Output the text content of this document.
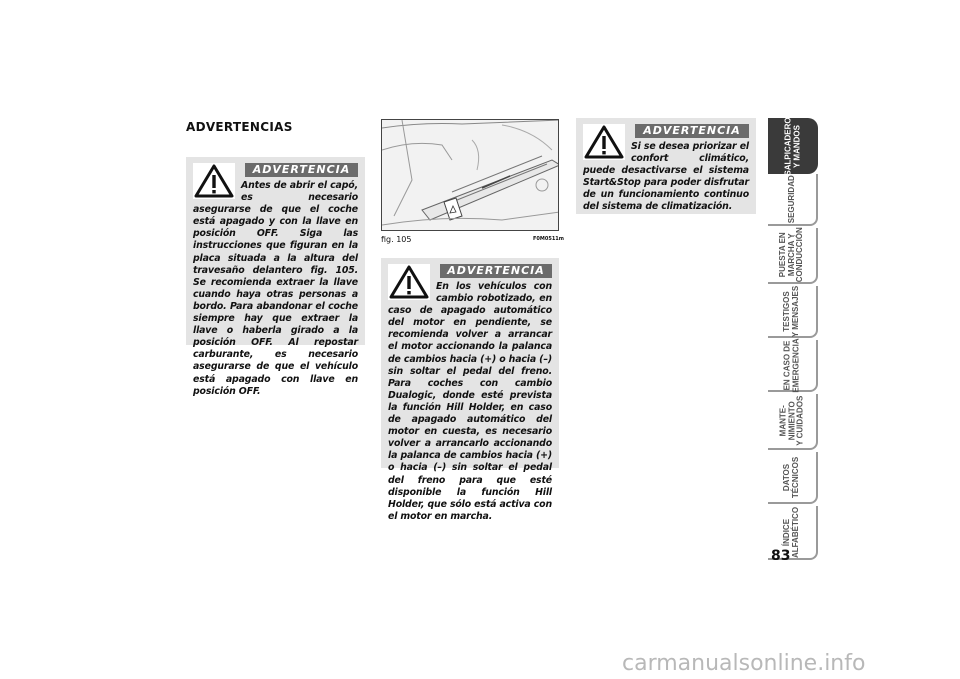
ADVERTENCIAS
ADVERTENCIA

Antes de abrir el capó, es necesario asegurarse de que el coche está apagado y con la llave en posición OFF. Siga las instrucciones que figuran en la placa situada a la altura del travesaño delantero fig. 105. Se recomienda extraer la llave cuando haya otras personas a bordo. Para abandonar el coche siempre hay que extraer la llave o haberla girado a la posición OFF. Al repostar carburante, es necesario asegurarse de que el vehículo está apagado con llave en posición OFF.

fig. 105	F0M0511m
ADVERTENCIA

En los vehículos con cambio robotizado, en caso de apagado automático del motor en pendiente, se recomienda volver a arrancar el motor accionando la palanca de cambios hacia (+) o hacia (–) sin soltar el pedal del freno. Para coches con cambio Dualogic, donde esté prevista la función Hill Holder, en caso de apagado automático del motor en cuesta, es necesario volver a arrancarlo accionando la palanca de cambios hacia (+) o hacia (–) sin soltar el pedal del freno para que esté disponible la función Hill Holder, que sólo está activa con el motor en marcha.

ADVERTENCIA

Si se desea priorizar el confort climático, puede desactivarse el sistema Start&Stop para poder disfrutar de un funcionamiento continuo del sistema de climatización.

SALPICADERO
Y MANDOS
SEGURIDAD
PUESTA EN
MARCHA Y
CONDUCCIÓN
TESTIGOS
Y MENSAJES
EN CASO DE
EMERGENCIA
MANTE-
NIMIENTO
Y CUIDADOS
DATOS
TÉCNICOS
ÍNDICE
ALFABÉTICO
83
carmanualsonline.info
